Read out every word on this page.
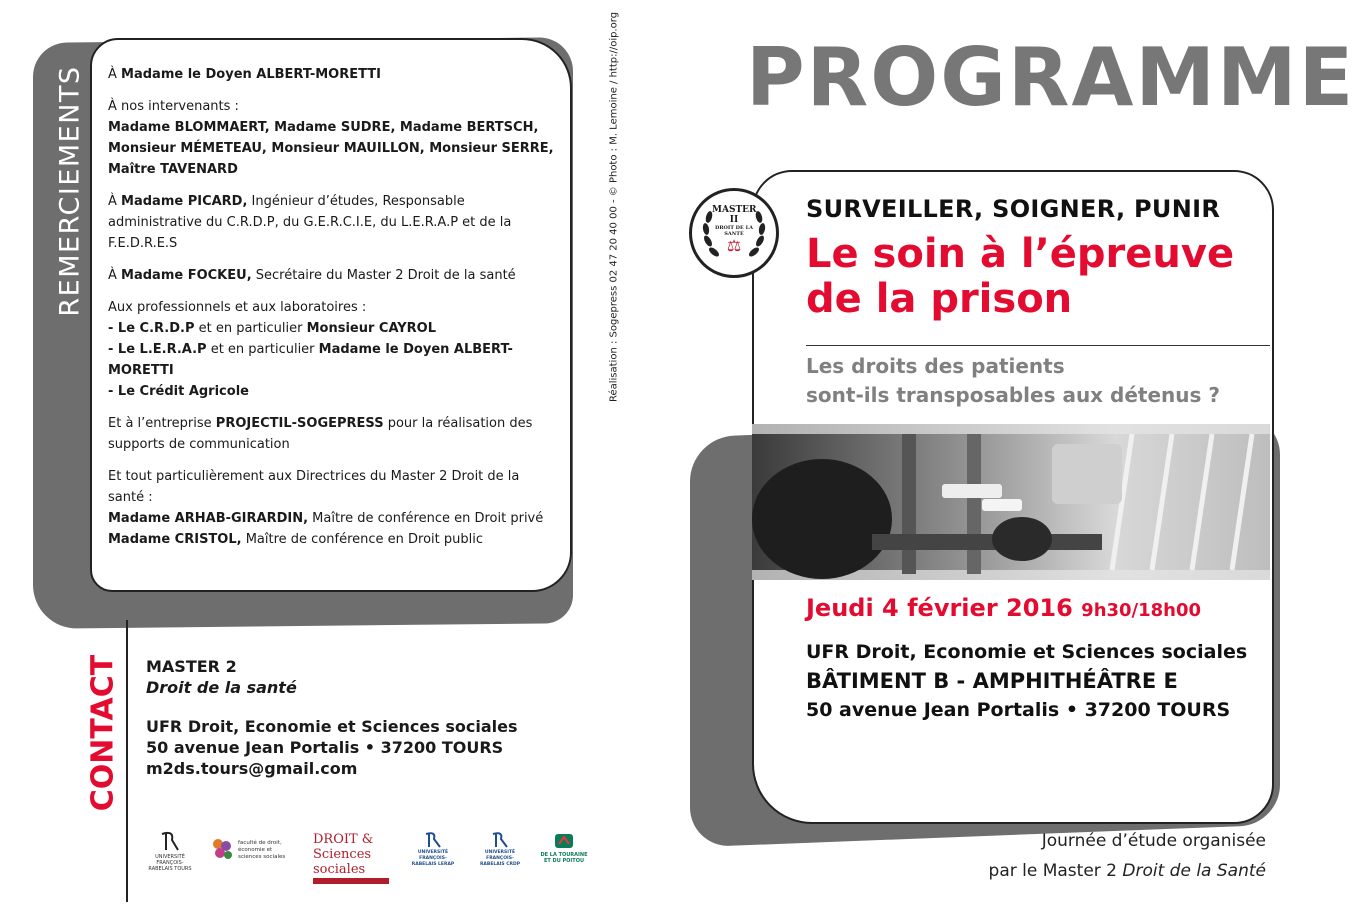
REMERCIEMENTS À Madame le Doyen ALBERT-MORETTI

À nos intervenants :
Madame BLOMMAERT, Madame SUDRE, Madame BERTSCH,
Monsieur MÉMETEAU, Monsieur MAUILLON, Monsieur SERRE,
Maître TAVENARD

À Madame PICARD, Ingénieur d’études, Responsable administrative du C.R.D.P, du G.E.R.C.I.E, du L.E.R.A.P et de la F.E.D.R.E.S

À Madame FOCKEU, Secrétaire du Master 2 Droit de la santé

Aux professionnels et aux laboratoires :
- Le C.R.D.P et en particulier Monsieur CAYROL
- Le L.E.R.A.P et en particulier Madame le Doyen ALBERT-MORETTI
- Le Crédit Agricole

Et à l’entreprise PROJECTIL-SOGEPRESS pour la réalisation des supports de communication

Et tout particulièrement aux Directrices du Master 2 Droit de la santé :
Madame ARHAB-GIRARDIN, Maître de conférence en Droit privé
Madame CRISTOL, Maître de conférence en Droit public

Réalisation : Sogepress 02 47 20 40 00 - © Photo : M. Lemoine / http://oip.org
CONTACT MASTER 2
Droit de la santé
UFR Droit, Economie et Sciences sociales
50 avenue Jean Portalis • 37200 TOURS
m2ds.tours@gmail.com
UNIVERSITÉ FRANÇOIS-RABELAIS TOURS
faculté de droit, économie et sciences sociales
DROIT & Sciences sociales
UNIVERSITÉ FRANÇOIS-RABELAIS LERAP
UNIVERSITÉ FRANÇOIS-RABELAIS CRDP
DE LA TOURAINE ET DU POITOU
PROGRAMME
MASTER II
DROIT DE LA SANTÉ
⚖
SURVEILLER, SOIGNER, PUNIR
Le soin à l’épreuve
de la prison
Les droits des patients
sont-ils transposables aux détenus ?
Jeudi 4 février 2016 9h30/18h00
UFR Droit, Economie et Sciences sociales
BÂTIMENT B - AMPHITHÉÂTRE E
50 avenue Jean Portalis • 37200 TOURS
Journée d’étude organisée
par le Master 2 Droit de la Santé
